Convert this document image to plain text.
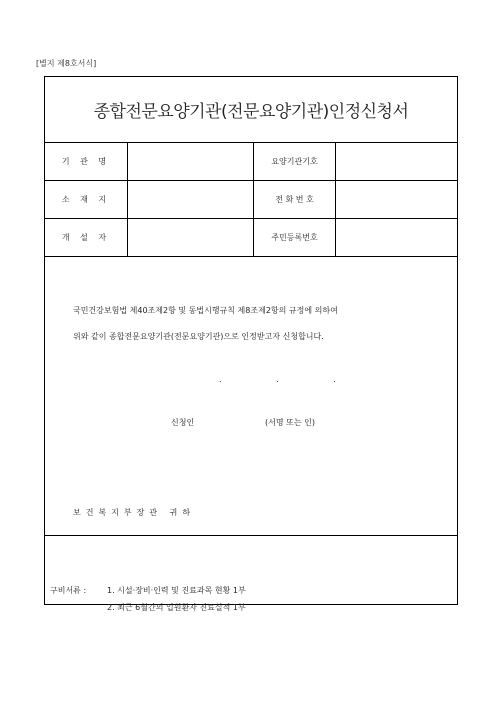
[별지 제8호서식]
종합전문요양기관(전문요양기관)인정신청서
기 관 명	요양기관기호
소 재 지	전 화 번 호
개 설 자	주민등록번호
국민건강보험법 제40조제2항 및 동법시행규칙 제8조제2항의 규정에 의하여
위와 같이 종합전문요양기관(전문요양기관)으로 인정받고자 신청합니다.
. . .
신청인	(서명 또는 인)
보건복지부장관 귀하
구비서류 :	1. 시설·장비·인력 및 진료과목 현황 1부
2. 최근 6월간의 입원환자 진료실적 1부
